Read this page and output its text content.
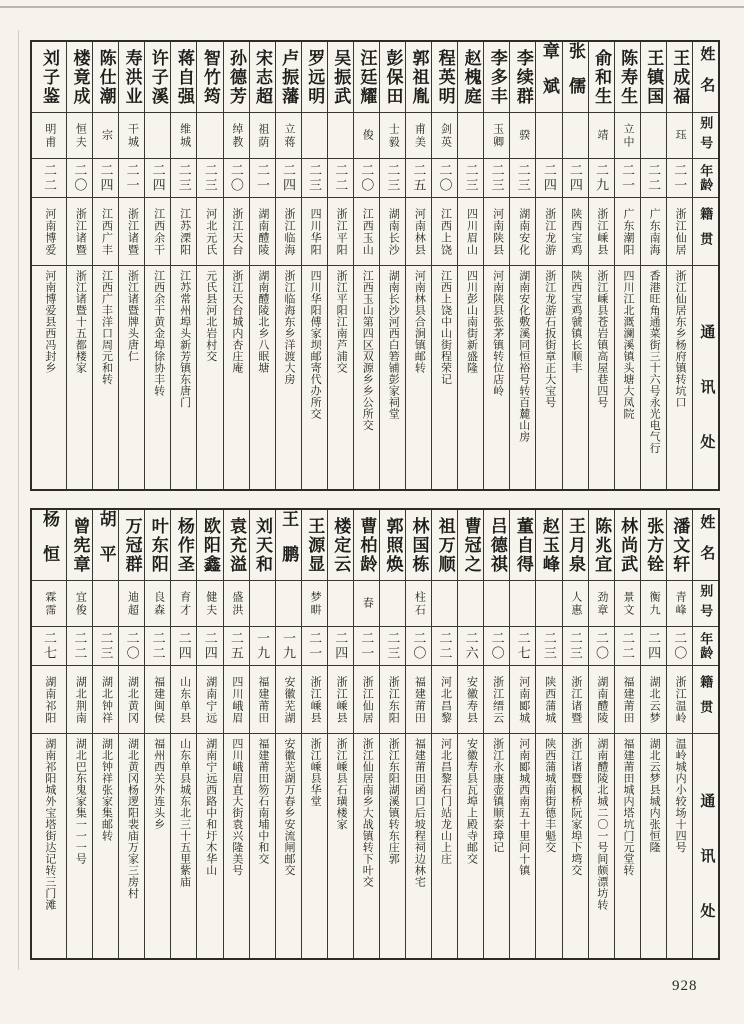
姓名
别号
年龄
籍贯
通讯处
王成福
珏
二一
浙江仙居
浙江仙居东乡杨府镇转坑口
王镇国
二二
广东南海
香港旺角通菜街三十六号永光电气行
陈寿生
立中
二一
广东潮阳
四川江北溉澜溪镇头塘大凤院
俞和生
靖
二九
浙江嵊县
浙江嵊县苍岩镇高屋巷四号
张儒
二四
陕西宝鸡
陕西宝鸡虢镇长顺丰
章斌
二四
浙江龙游
浙江龙游石扳街章正大宝号
李续群
骙
二三
湖南安化
湖南安化敷溪同恒裕号转百麓山房
李多丰
玉卿
二三
河南陕县
河南陕县张茅镇转位店岭
赵槐庭
二三
四川眉山
四川彭山南街新盛隆
程英明
剑英
二〇
江西上饶
江西上饶中山街程荣记
郭祖胤
甫美
二五
河南林县
河南林县合涧镇邮转
彭保田
士毅
二三
湖南长沙
湖南长沙河西白箬铺彭家祠堂
汪廷耀
俊
二〇
江西玉山
江西玉山第四区双源乡乡公所交
吴振武
二二
浙江平阳
浙江平阳江南芦浦交
罗远明
二三
四川华阳
四川华阳傅家坝邮寄代办所交
卢振藩
立蒋
二四
浙江临海
浙江临海东乡洋渡大房
宋志超
祖荫
二一
湖南醴陵
湖南醴陵北乡八眠塘
孙德芳
绰教
二〇
浙江天台
浙江天台城内杏庄庵
智竹筠
二三
河北元氏
元氏县河北岩村交
蒋自强
维城
二三
江苏溧阳
江苏常州埠头新芳镇东唐门
许子溪
二四
江西余干
江西余干黄金埠徐协丰转
寿洪业
干城
二一
浙江诸暨
浙江诸暨牌头唐仁
陈仕潮
宗
二四
江西广丰
江西广丰洋口周元和转
楼竟成
恒夫
二〇
浙江诸暨
浙江诸暨十五都楼家
刘子鉴
明甫
二二
河南博爱
河南博爱县西冯封乡
姓名
别号
年龄
籍贯
通讯处
潘文轩
青峰
二〇
浙江温岭
温岭城内小较场十四号
张方铨
衡九
二四
湖北云梦
湖北云梦县城内张恒隆
林尚武
景文
二二
福建莆田
福建莆田城内塔坑门元堂转
陈兆宜
劲章
二〇
湖南醴陵
湖南醴陵北城二〇一号间颇漂坊转
王月泉
人惠
二三
浙江诸暨
浙江诸暨枫桥阮家埠下塆交
赵玉峰
二三
陕西蒲城
陕西蒲城南街德丰魁交
董自得
二七
河南郾城
河南郾城西南五十里问十镇
吕德祺
二〇
浙江缙云
浙江永康壶镇顺泰璋记
曹冠之
二六
安徽寿县
安徽寿县瓦埠上殿寺邮交
祖万顺
二二
河北昌黎
河北昌黎石门站龙山上庄
林国栋
柱石
二〇
福建莆田
福建莆田函口后坡程祠边林宅
郭照焕
二三
浙江东阳
浙江东阳湖溪镇转东庄郭
曹柏龄
春
二一
浙江仙居
浙江仙居南乡大战镇转下叶交
楼定云
二四
浙江嵊县
浙江嵊县石璜楼家
王源显
梦畊
二一
浙江嵊县
浙江嵊县华堂
王鹏
一九
安徽芜湖
安徽芜湖万春乡安流闸邮交
刘天和
一九
福建莆田
福建莆田笏石南埔中和交
袁充溢
盛洪
二五
四川峨眉
四川峨眉直大街袁兴隆美号
欧阳鑫
健夫
二四
湖南宁远
湖南宁远西路中和圩木华山
杨作圣
育才
二四
山东单县
山东单县城东北三十五里紫庙
叶东阳
良森
二二
福建闽侯
福州西关外连头乡
万冠群
迪超
二〇
湖北黄冈
湖北黄冈杨逻阳裴庙万家三房村
胡平
二三
湖北钟祥
湖北钟祥张家集邮转
曾宪章
宜俊
二二
湖北荆南
湖北巴东鬼家集一一一号
杨恒
霖霈
二七
湖南祁阳
湖南祁阳城外宝塔街达记转三门滩
928
